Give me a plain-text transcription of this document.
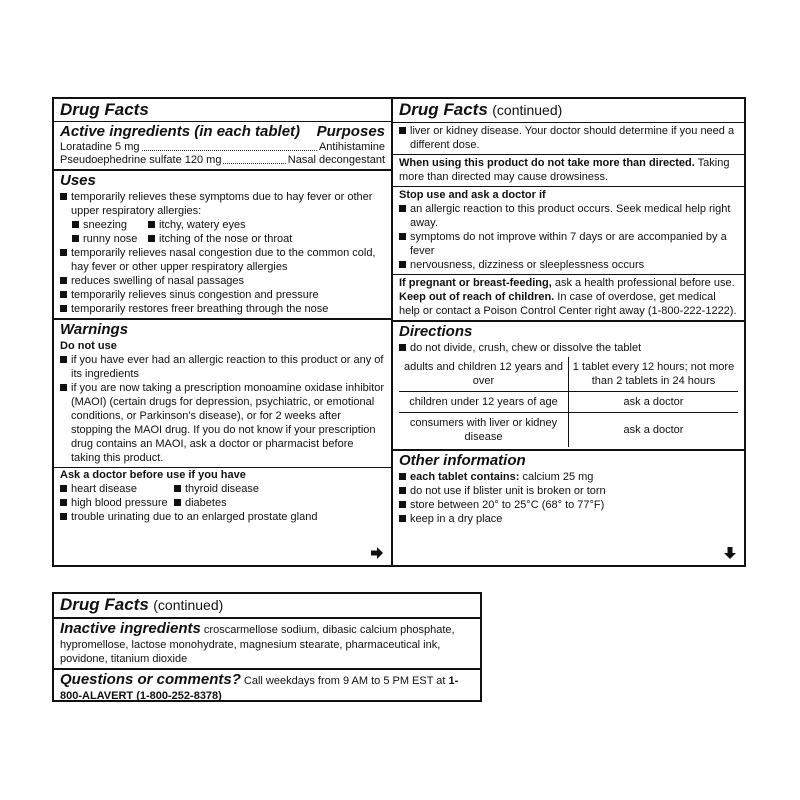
Drug Facts
Active ingredients (in each tablet) Purposes
Loratadine 5 mg	Antihistamine
Pseudoephedrine sulfate 120 mg	Nasal decongestant
Uses
temporarily relieves these symptoms due to hay fever or other upper respiratory allergies:
sneezing	itchy, watery eyes
runny nose itching of the nose or throat
temporarily relieves nasal congestion due to the common cold, hay fever or other upper respiratory allergies
reduces swelling of nasal passages
temporarily relieves sinus congestion and pressure
temporarily restores freer breathing through the nose
Warnings
Do not use
if you have ever had an allergic reaction to this product or any of its ingredients
if you are now taking a prescription monoamine oxidase inhibitor (MAOI) (certain drugs for depression, psychiatric, or emotional conditions, or Parkinson's disease), or for 2 weeks after stopping the MAOI drug. If you do not know if your prescription drug contains an MAOI, ask a doctor or pharmacist before taking this product.
Ask a doctor before use if you have
heart disease	thyroid disease
high blood pressure diabetes
trouble urinating due to an enlarged prostate gland
Drug Facts (continued)
liver or kidney disease. Your doctor should determine if you need a different dose.
When using this product do not take more than directed. Taking more than directed may cause drowsiness.
Stop use and ask a doctor if
an allergic reaction to this product occurs. Seek medical help right away.
symptoms do not improve within 7 days or are accompanied by a fever
nervousness, dizziness or sleeplessness occurs
If pregnant or breast-feeding, ask a health professional before use.
Keep out of reach of children. In case of overdose, get medical help or contact a Poison Control Center right away (1-800-222-1222).
Directions
do not divide, crush, chew or dissolve the tablet
adults and children 12 years and over	1 tablet every 12 hours; not more than 2 tablets in 24 hours
children under 12 years of age	ask a doctor
consumers with liver or kidney disease	ask a doctor
Other information
each tablet contains: calcium 25 mg
do not use if blister unit is broken or torn
store between 20° to 25°C (68° to 77°F)
keep in a dry place
Drug Facts (continued)
Inactive ingredients croscarmellose sodium, dibasic calcium phosphate, hypromellose, lactose monohydrate, magnesium stearate, pharmaceutical ink, povidone, titanium dioxide
Questions or comments? Call weekdays from 9 AM to 5 PM EST at 1-800-ALAVERT (1-800-252-8378)
